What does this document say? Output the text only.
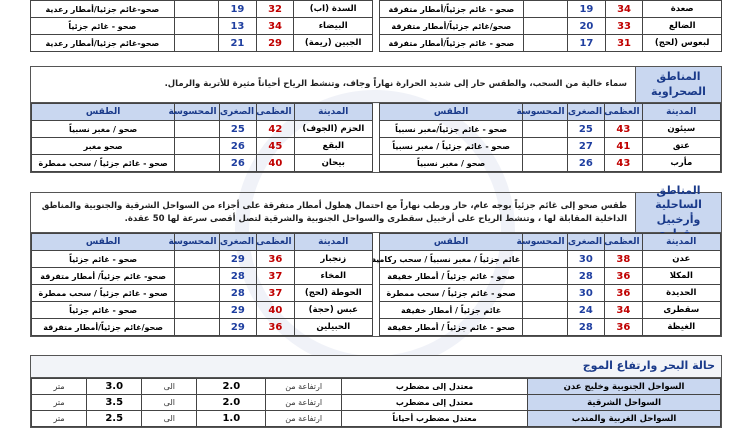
صعدة	34	19		صحو - غائم جزئياً/أمطار متفرقة
الضالع	33	20		صحو/غائم جزئياً/أمطار متفرقة
لبعوس (لحج)	31	17		صحو - غائم جزئياً/أمطار متفرقة
السدة (اب)	32	19		صحو-غائم جزئيا/أمطار رعدية
البيضاء	34	13		صحو - غائم جزئياً
الجبين (ريمة)	29	21		صحو-غائم جزئيا/أمطار رعدية
المناطق الصحراوية
سماء خالية من السحب، والطقس حار إلى شديد الحرارة نهاراً وجاف، وتنشط الرياح أحياناً مثيرة للأتربة والرمال.
المدينة	العظمى	الصغرى	المحسوسة	الطقس
سيئون	43	25		صحو - غائم جزئياً/مغبر نسبياً
عتق	41	27		صحو - غائم جزئياً / مغبر نسبياً
مأرب	43	26		صحو / مغبر نسبياً
المدينة	العظمى	الصغرى	المحسوسة	الطقس
الحزم (الجوف)	42	25		صحو / مغبر نسبياً
البقع	45	26		صحو مغبر
بيحان	40	26		صحو - غائم جزئياً / سحب ممطرة
المناطق الساحلية وأرخبيل
طقس صحو إلى غائم جزئياً بوجه عام، حار ورطب نهاراً مع احتمال هطول أمطار متفرقة على أجزاء من السواحل الشرقية والجنوبية والمناطق الداخلية المقابلة لها ، وتنشط الرياح على أرخبيل سقطرى والسواحل الجنوبية والشرقية لتصل أقصى سرعة لها 50 عقدة.
المدينة	العظمى	الصغرى	المحسوسة	الطقس
عدن	38	30		غائم جزئياً / مغبر نسبياً / سحب ركامية
المكلا	36	28		صحو - غائم جزئياً / أمطار خفيفة
الحديدة	36	30		صحو - غائم جزئياً / سحب ممطرة
سقطرى	34	24		غائم جزئياً / أمطار خفيفة
الغيظة	36	28		صحو - غائم جزئياً / أمطار خفيفة
المدينة	العظمى	الصغرى	المحسوسة	الطقس
زنجبار	36	29		صحو - غائم جزئياً
المخاء	37	28		صحو- غائم جزئياً/ أمطار متفرقة
الحوطة (لحج)	37	28		صحو - غائم جزئياً / سحب ممطرة
عبس (حجة)	40	29		صحو - غائم جزئياً
الحبيلين	36	29		صحو/غائم جزئياً/أمطار متفرقة
حالة البحر وارتفاع الموج
السواحل الجنوبية وخليج عدن	معتدل إلى مضطرب	ارتفاعة من	2.0	الى	3.0	متر
السواحل الشرقية	معتدل إلى مضطرب	ارتفاعة من	2.0	الى	3.5	متر
السواحل الغربية والمندب	معتدل مضطرب أحياناً	ارتفاعة من	1.0	الى	2.5	متر
